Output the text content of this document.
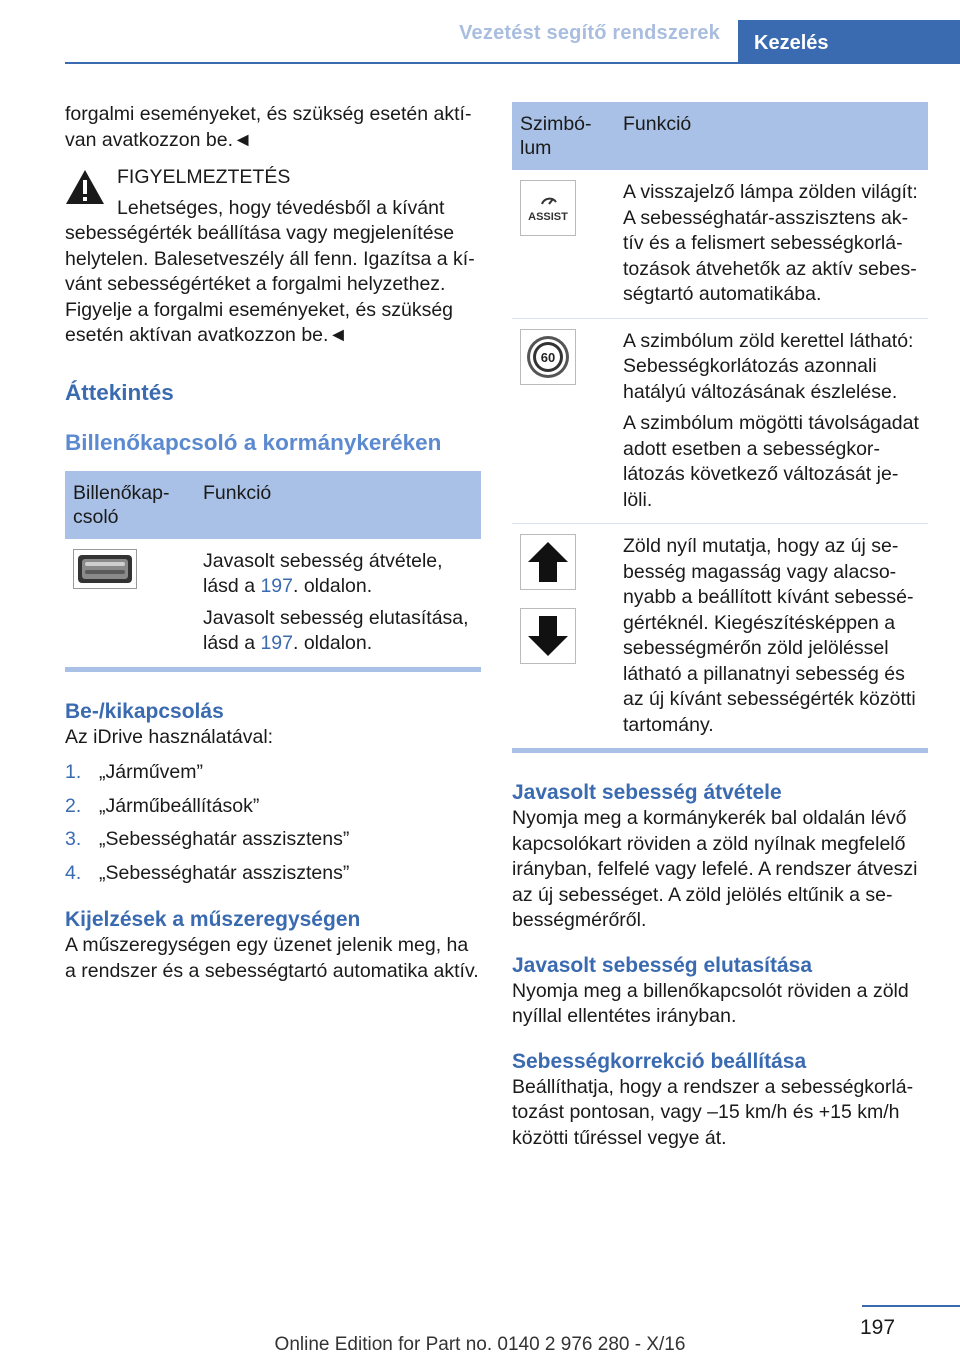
Vezetést segítő rendszerek	Kezelés

forgalmi eseményeket, és szükség esetén aktívan avatkozzon be.◄

FIGYELMEZTETÉS
Lehetséges, hogy tévedésből a kívánt
sebességérték beállítása vagy megjelenítése helytelen. Balesetveszély áll fenn. Igazítsa a kívánt sebességértéket a forgalmi helyzethez. Figyelje a forgalmi eseményeket, és szükség esetén aktívan avatkozzon be.◄
Áttekintés
Billenőkapcsoló a kormánykeréken
Billenőkapcsoló	Funkció

Javasolt sebesség átvétele, lásd a 197. oldalon.

Javasolt sebesség elutasítása, lásd a 197. oldalon.

Be-/kikapcsolás

Az iDrive használatával:

1. „Járművem”
2. „Járműbeállítások”
3. „Sebességhatár asszisztens”
4. „Sebességhatár asszisztens”
Kijelzések a műszeregységen

A műszeregységen egy üzenet jelenik meg, ha a rendszer és a sebességtartó automatika aktív.

Szimbólum	Funkció

ASSIST	A visszajelző lámpa zölden világít: A sebességhatár-asszisztens aktív és a felismert sebességkorlátozások átvehetők az aktív sebességtartó automatikába.

60	A szimbólum zöld kerettel látható: Sebességkorlátozás azonnali hatályú változásának észlelése.

A szimbólum mögötti távolságadat adott esetben a sebességkorlátozás következő változását jelöli.

	Zöld nyíl mutatja, hogy az új sebesség magasság vagy alacsonyabb a beállított kívánt sebességértéknél. Kiegészítésképpen a sebességmérőn zöld jelöléssel látható a pillanatnyi sebesség és az új kívánt sebességérték közötti tartomány.
Javasolt sebesség átvétele

Nyomja meg a kormánykerék bal oldalán lévő kapcsolókart röviden a zöld nyílnak megfelelő irányban, felfelé vagy lefelé. A rendszer átveszi az új sebességet. A zöld jelölés eltűnik a sebességmérőről.

Javasolt sebesség elutasítása

Nyomja meg a billenőkapcsolót röviden a zöld nyíllal ellentétes irányban.

Sebességkorrekció beállítása

Beállíthatja, hogy a rendszer a sebességkorlátozást pontosan, vagy –15 km/h és +15 km/h közötti tűréssel vegye át.

197
Online Edition for Part no. 0140 2 976 280 - X/16
